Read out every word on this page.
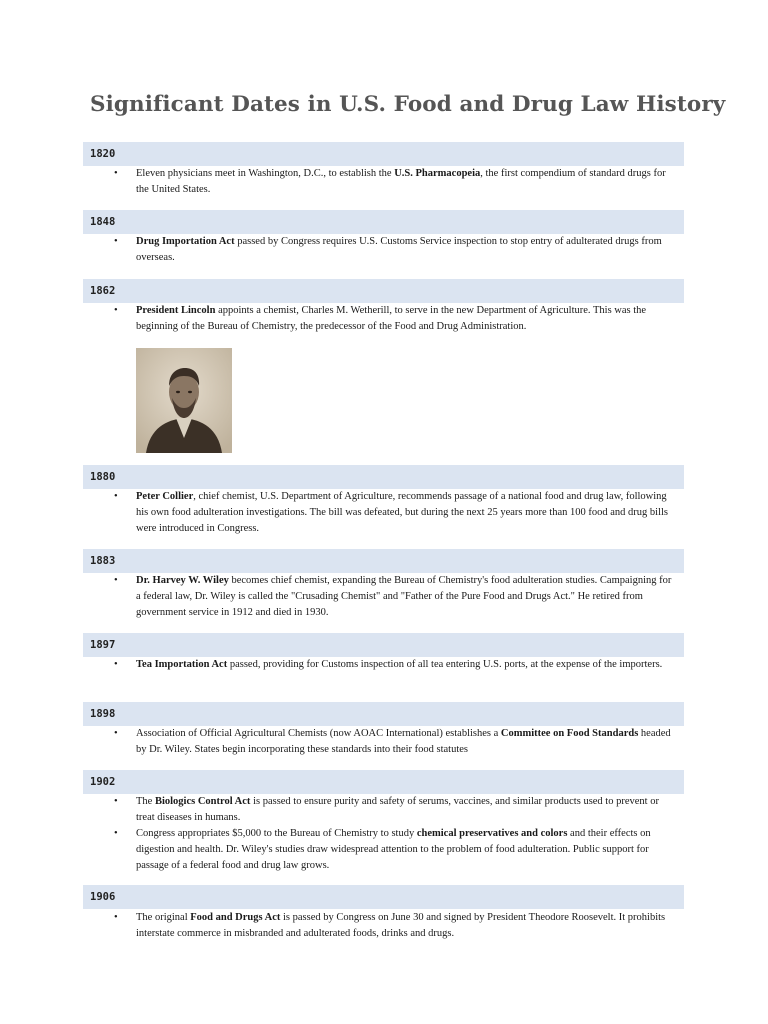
Significant Dates in U.S. Food and Drug Law History
1820

• Eleven physicians meet in Washington, D.C., to establish the U.S. Pharmacopeia, the first compendium of standard drugs for the United States.

1848

• Drug Importation Act passed by Congress requires U.S. Customs Service inspection to stop entry of adulterated drugs from overseas.

1862

• President Lincoln appoints a chemist, Charles M. Wetherill, to serve in the new Department of Agriculture. This was the beginning of the Bureau of Chemistry, the predecessor of the Food and Drug Administration.

1880

• Peter Collier, chief chemist, U.S. Department of Agriculture, recommends passage of a national food and drug law, following his own food adulteration investigations. The bill was defeated, but during the next 25 years more than 100 food and drug bills were introduced in Congress.

1883

• Dr. Harvey W. Wiley becomes chief chemist, expanding the Bureau of Chemistry's food adulteration studies. Campaigning for a federal law, Dr. Wiley is called the "Crusading Chemist" and "Father of the Pure Food and Drugs Act." He retired from government service in 1912 and died in 1930.

1897

• Tea Importation Act passed, providing for Customs inspection of all tea entering U.S. ports, at the expense of the importers.

1898

• Association of Official Agricultural Chemists (now AOAC International) establishes a Committee on Food Standards headed by Dr. Wiley. States begin incorporating these standards into their food statutes

1902

• The Biologics Control Act is passed to ensure purity and safety of serums, vaccines, and similar products used to prevent or treat diseases in humans.

• Congress appropriates $5,000 to the Bureau of Chemistry to study chemical preservatives and colors and their effects on digestion and health. Dr. Wiley's studies draw widespread attention to the problem of food adulteration. Public support for passage of a federal food and drug law grows.

1906

• The original Food and Drugs Act is passed by Congress on June 30 and signed by President Theodore Roosevelt. It prohibits interstate commerce in misbranded and adulterated foods, drinks and drugs.
